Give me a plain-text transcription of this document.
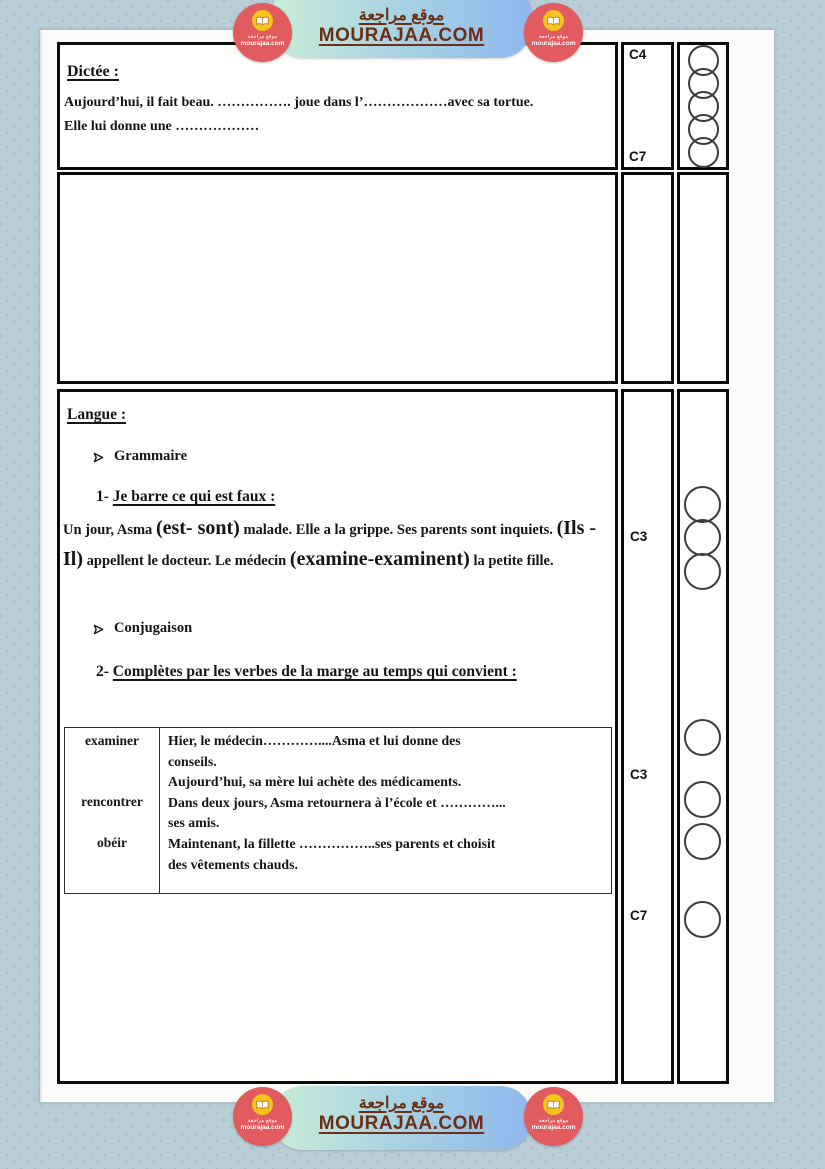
Dictée :
Aujourd’hui, il fait beau. ……………. joue dans l’………………avec sa tortue.
Elle lui donne une ………………
C4
C7
Langue :
Grammaire
1- Je barre ce qui est faux :
Un jour, Asma (est- sont) malade. Elle a la grippe. Ses parents sont inquiets. (Ils - Il) appellent le docteur. Le médecin (examine-examinent) la petite fille.
Conjugaison
2- Complètes par les verbes de la marge au temps qui convient :
examiner
rencontrer
obéir
Hier, le médecin…………....Asma et lui donne des
conseils.
Aujourd’hui, sa mère lui achète des médicaments.
Dans deux jours, Asma retournera à l’école et …………...
ses amis.
Maintenant, la fillette ……………..ses parents et choisit
des vêtements chauds.
C3
C3
C7
موقع مراجعة
MOURAJAA.COM
موقع مراجعة
mourajaa.com
موقع مراجعة
mourajaa.com
موقع مراجعة
MOURAJAA.COM
موقع مراجعة
mourajaa.com
موقع مراجعة
mourajaa.com
